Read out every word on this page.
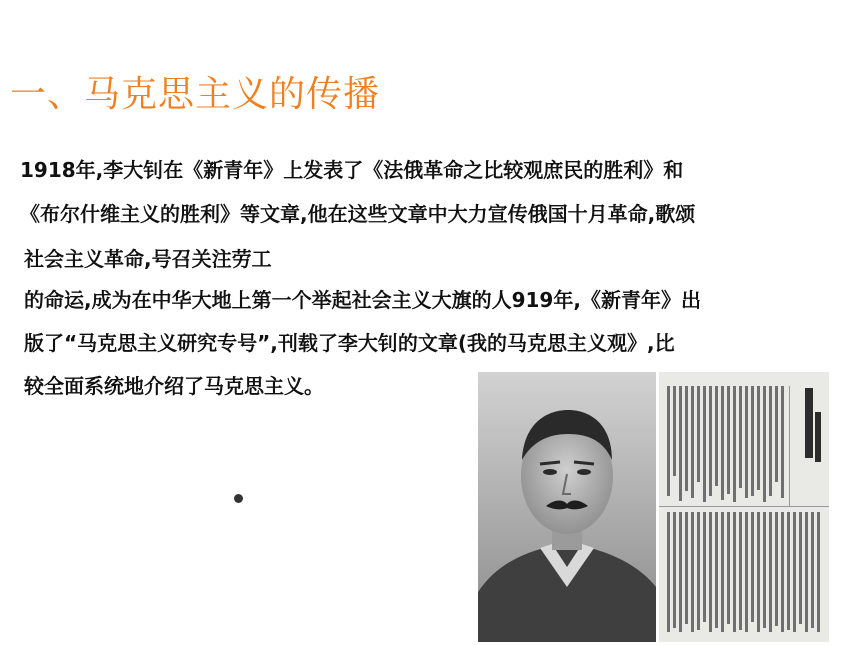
一、马克思主义的传播
1918年,李大钊在《新青年》上发表了《法俄革命之比较观庶民的胜利》和
《布尔什维主义的胜利》等文章,他在这些文章中大力宣传俄国十月革命,歌颂
社会主义革命,号召关注劳工
的命运,成为在中华大地上第一个举起社会主义大旗的人919年,《新青年》出
版了“马克思主义研究专号”,刊载了李大钊的文章(我的马克思主义观》,比
较全面系统地介绍了马克思主义。
